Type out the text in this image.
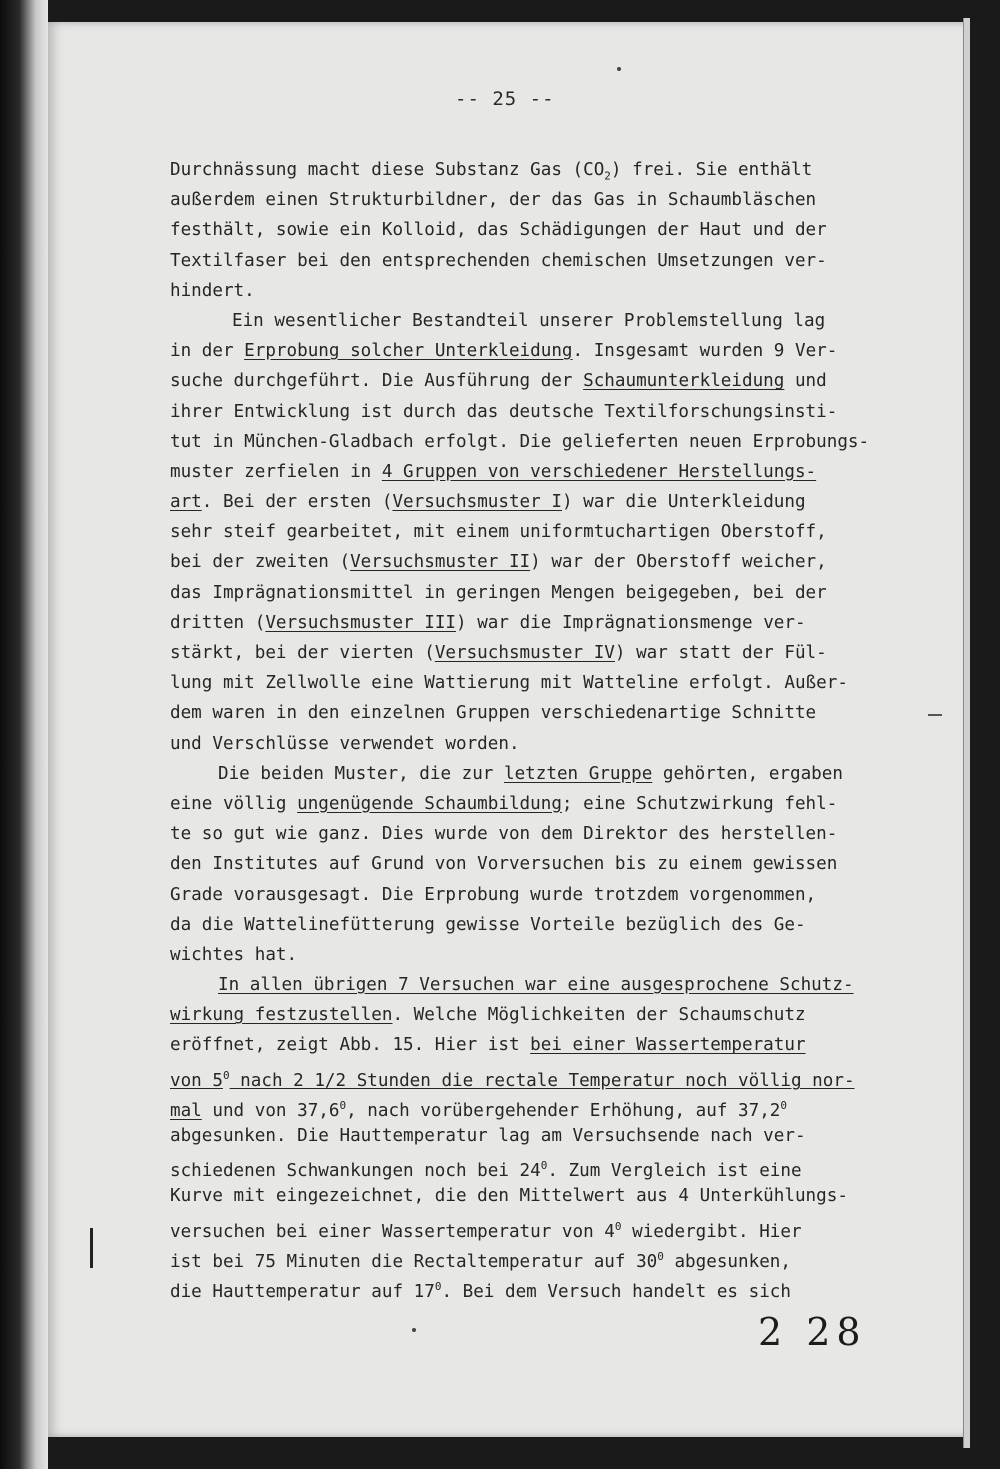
-- 25 --
Durchnässung macht diese Substanz Gas $(CO_2)$ frei. Sie enthält
außerdem einen Strukturbildner, der das Gas in Schaumbläschen
festhält, sowie ein Kolloid, das Schädigungen der Haut und der
Textilfaser bei den entsprechenden chemischen Umsetzungen ver-
hindert.
Ein wesentlicher Bestandteil unserer Problemstellung lag
in der Erprobung solcher Unterkleidung. Insgesamt wurden 9 Ver-
suche durchgeführt. Die Ausführung der Schaumunterkleidung und
ihrer Entwicklung ist durch das deutsche Textilforschungsinsti-
tut in München-Gladbach erfolgt. Die gelieferten neuen Erprobungs-
muster zerfielen in 4 Gruppen von verschiedener Herstellungs-
art. Bei der ersten (Versuchsmuster I) war die Unterkleidung
sehr steif gearbeitet, mit einem uniformtuchartigen Oberstoff,
bei der zweiten (Versuchsmuster II) war der Oberstoff weicher,
das Imprägnationsmittel in geringen Mengen beigegeben, bei der
dritten (Versuchsmuster III) war die Imprägnationsmenge ver-
stärkt, bei der vierten (Versuchsmuster IV) war statt der Fül-
lung mit Zellwolle eine Wattierung mit Watteline erfolgt. Außer-
dem waren in den einzelnen Gruppen verschiedenartige Schnitte
und Verschlüsse verwendet worden.
Die beiden Muster, die zur letzten Gruppe gehörten, ergaben
eine völlig ungenügende Schaumbildung; eine Schutzwirkung fehl-
te so gut wie ganz. Dies wurde von dem Direktor des herstellen-
den Institutes auf Grund von Vorversuchen bis zu einem gewissen
Grade vorausgesagt. Die Erprobung wurde trotzdem vorgenommen,
da die Wattelinefütterung gewisse Vorteile bezüglich des Ge-
wichtes hat.
In allen übrigen 7 Versuchen war eine ausgesprochene Schutz-
wirkung festzustellen. Welche Möglichkeiten der Schaumschutz
eröffnet, zeigt Abb. 15. Hier ist bei einer Wassertemperatur
von $5^0$ nach 2 1/2 Stunden die rectale Temperatur noch völlig nor-
mal und von 37,6$^0$, nach vorübergehender Erhöhung, auf 37,2$^0$
abgesunken. Die Hauttemperatur lag am Versuchsende nach ver-
schiedenen Schwankungen noch bei $24^0$. Zum Vergleich ist eine
Kurve mit eingezeichnet, die den Mittelwert aus 4 Unterkühlungs-
versuchen bei einer Wassertemperatur von $4^0$ wiedergibt. Hier
ist bei 75 Minuten die Rectaltemperatur auf $30^0$ abgesunken,
die Hauttemperatur auf $17^0$. Bei dem Versuch handelt es sich
2 28
